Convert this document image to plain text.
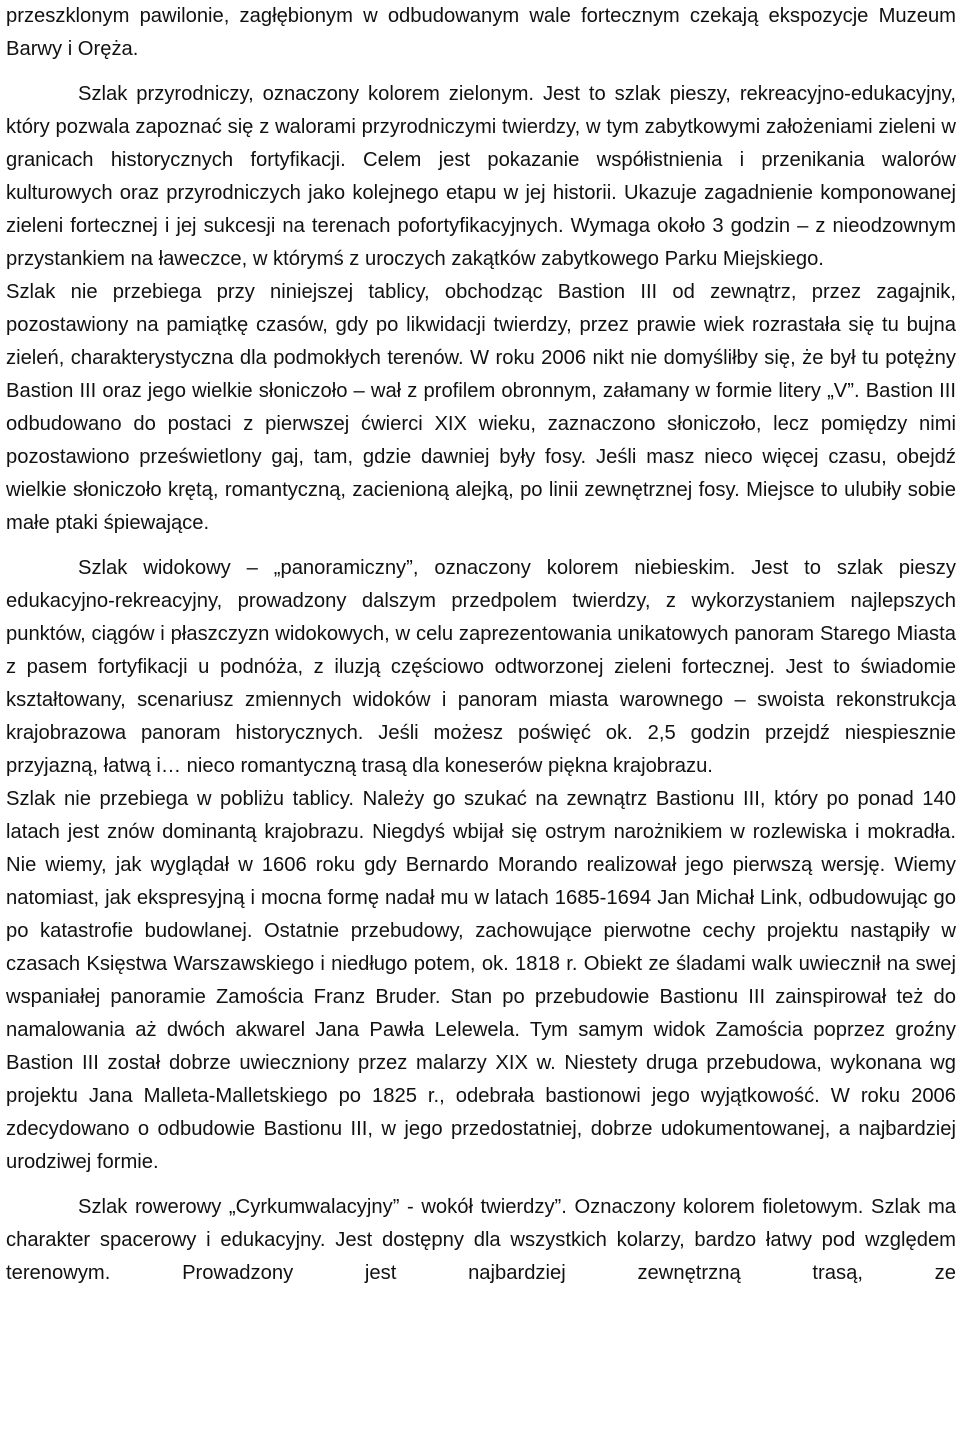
przeszklonym pawilonie, zagłębionym w odbudowanym wale fortecznym czekają ekspozycje Muzeum Barwy i Oręża.

Szlak przyrodniczy, oznaczony kolorem zielonym. Jest to szlak pieszy, rekreacyjno-edukacyjny, który pozwala zapoznać się z walorami przyrodniczymi twierdzy, w tym zabytkowymi założeniami zieleni w granicach historycznych fortyfikacji. Celem jest pokazanie współistnienia i przenikania walorów kulturowych oraz przyrodniczych jako kolejnego etapu w jej historii. Ukazuje zagadnienie komponowanej zieleni fortecznej i jej sukcesji na terenach pofortyfikacyjnych. Wymaga około 3 godzin – z nieodzownym przystankiem na ławeczce, w którymś z uroczych zakątków zabytkowego Parku Miejskiego.

Szlak nie przebiega przy niniejszej tablicy, obchodząc Bastion III od zewnątrz, przez zagajnik, pozostawiony na pamiątkę czasów, gdy po likwidacji twierdzy, przez prawie wiek rozrastała się tu bujna zieleń, charakterystyczna dla podmokłych terenów. W roku 2006 nikt nie domyśliłby się, że był tu potężny Bastion III oraz jego wielkie słoniczoło – wał z profilem obronnym, załamany w formie litery „V”. Bastion III odbudowano do postaci z pierwszej ćwierci XIX wieku, zaznaczono słoniczoło, lecz pomiędzy nimi pozostawiono prześwietlony gaj, tam, gdzie dawniej były fosy. Jeśli masz nieco więcej czasu, obejdź wielkie słoniczoło krętą, romantyczną, zacienioną alejką, po linii zewnętrznej fosy. Miejsce to ulubiły sobie małe ptaki śpiewające.

Szlak widokowy – „panoramiczny”, oznaczony kolorem niebieskim. Jest to szlak pieszy edukacyjno-rekreacyjny, prowadzony dalszym przedpolem twierdzy, z wykorzystaniem najlepszych punktów, ciągów i płaszczyzn widokowych, w celu zaprezentowania unikatowych panoram Starego Miasta z pasem fortyfikacji u podnóża, z iluzją częściowo odtworzonej zieleni fortecznej. Jest to świadomie kształtowany, scenariusz zmiennych widoków i panoram miasta warownego – swoista rekonstrukcja krajobrazowa panoram historycznych. Jeśli możesz poświęć ok. 2,5 godzin przejdź niespiesznie przyjazną, łatwą i… nieco romantyczną trasą dla koneserów piękna krajobrazu.

Szlak nie przebiega w pobliżu tablicy. Należy go szukać na zewnątrz Bastionu III, który po ponad 140 latach jest znów dominantą krajobrazu. Niegdyś wbijał się ostrym narożnikiem w rozlewiska i mokradła. Nie wiemy, jak wyglądał w 1606 roku gdy Bernardo Morando realizował jego pierwszą wersję. Wiemy natomiast, jak ekspresyjną i mocna formę nadał mu w latach 1685-1694 Jan Michał Link, odbudowując go po katastrofie budowlanej. Ostatnie przebudowy, zachowujące pierwotne cechy projektu nastąpiły w czasach Księstwa Warszawskiego i niedługo potem, ok. 1818 r. Obiekt ze śladami walk uwiecznił na swej wspaniałej panoramie Zamościa Franz Bruder. Stan po przebudowie Bastionu III zainspirował też do namalowania aż dwóch akwarel Jana Pawła Lelewela. Tym samym widok Zamościa poprzez groźny Bastion III został dobrze uwieczniony przez malarzy XIX w. Niestety druga przebudowa, wykonana wg projektu Jana Malleta-Malletskiego po 1825 r., odebrała bastionowi jego wyjątkowość. W roku 2006 zdecydowano o odbudowie Bastionu III, w jego przedostatniej, dobrze udokumentowanej, a najbardziej urodziwej formie.

Szlak rowerowy „Cyrkumwalacyjny” - wokół twierdzy”. Oznaczony kolorem fioletowym. Szlak ma charakter spacerowy i edukacyjny. Jest dostępny dla wszystkich kolarzy, bardzo łatwy pod względem terenowym. Prowadzony jest najbardziej zewnętrzną trasą, ze
